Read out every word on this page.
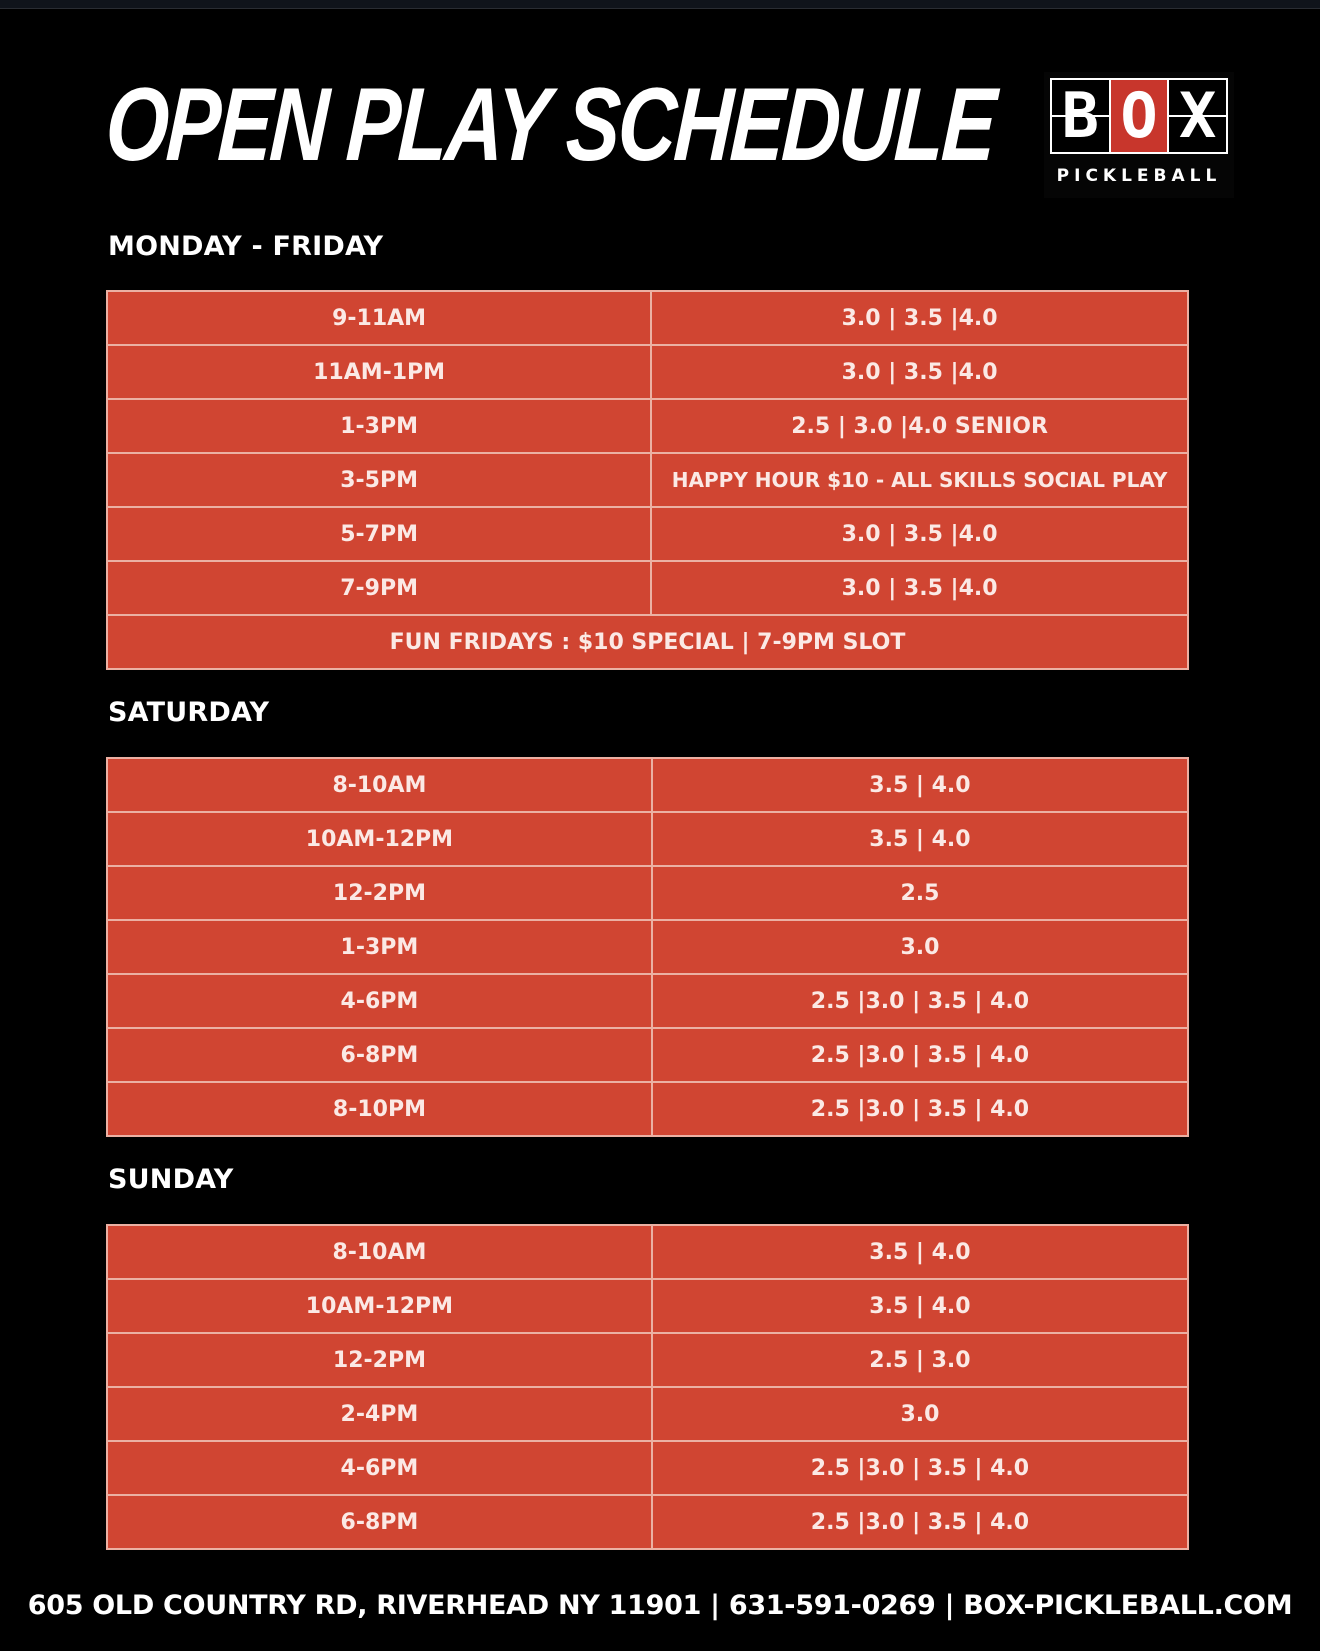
OPEN PLAY SCHEDULE B O X
PICKLEBALL
MONDAY - FRIDAY
9-11AM	3.0 | 3.5 |4.0
11AM-1PM	3.0 | 3.5 |4.0
1-3PM	2.5 | 3.0 |4.0 SENIOR
3-5PM	HAPPY HOUR $10 - ALL SKILLS SOCIAL PLAY
5-7PM	3.0 | 3.5 |4.0
7-9PM	3.0 | 3.5 |4.0
FUN FRIDAYS : $10 SPECIAL | 7-9PM SLOT	
SATURDAY
8-10AM	3.5 | 4.0
10AM-12PM	3.5 | 4.0
12-2PM	2.5
1-3PM	3.0
4-6PM	2.5 |3.0 | 3.5 | 4.0
6-8PM	2.5 |3.0 | 3.5 | 4.0
8-10PM	2.5 |3.0 | 3.5 | 4.0
SUNDAY
8-10AM	3.5 | 4.0
10AM-12PM	3.5 | 4.0
12-2PM	2.5 | 3.0
2-4PM	3.0
4-6PM	2.5 |3.0 | 3.5 | 4.0
6-8PM	2.5 |3.0 | 3.5 | 4.0
605 OLD COUNTRY RD, RIVERHEAD NY 11901 | 631-591-0269 | BOX-PICKLEBALL.COM
